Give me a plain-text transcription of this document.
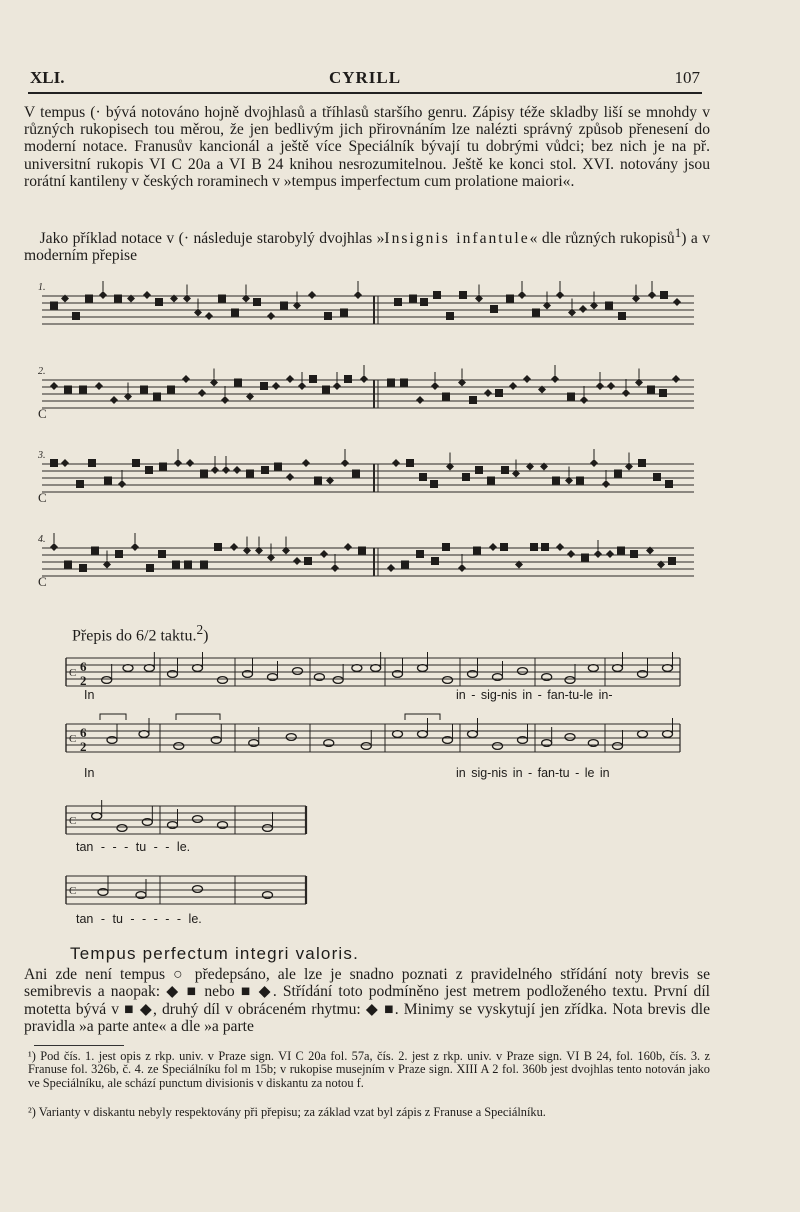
XLI.	CYRILL	107

V tempus (· bývá notováno hojně dvojhlasů a tříhlasů staršího genru. Zápisy téže skladby liší se mnohdy v různých rukopisech tou měrou, že jen bedlivým jich přirovnáním lze nalézti správný způsob přenesení do moderní notace. Franusův kancionál a ještě více Speciálník bývají tu dobrými vůdci; bez nich je na př. universitní rukopis VI C 20a a VI B 24 knihou nesrozumitelnou. Ještě ke konci stol. XVI. notovány jsou rorátní kantileny v českých roraminech v »tempus imperfectum cum prolatione maiori«.

 Jako příklad notace v (· následuje starobylý dvojhlas »Insignis infantule« dle různých rukopisů$^1$) a v moderním přepise

1.
2.
C
3.
C
4.
C
Přepis do 6/2 taktu.$^2$)
C 6
2
In	in - sig-nis in - fan-tu-le in-
C 6
2
In	in sig-nis in - fan-tu - le in
C
tan - - - tu - - le.
C
tan - tu - - - - - le.
Tempus perfectum integri valoris.

Ani zde není tempus ○ předepsáno, ale lze je snadno poznati z pravidelného střídání noty brevis se semibrevis a naopak: ◆ ■ nebo ■ ◆. Střídání toto podmíněno jest metrem podloženého textu. První díl motetta bývá v ■ ◆, druhý díl v obráceném rhytmu: ◆ ■. Minimy se vyskytují jen zřídka. Nota brevis dle pravidla »a parte ante« a dle »a parte

¹) Pod čís. 1. jest opis z rkp. univ. v Praze sign. VI C 20a fol. 57a, čís. 2. jest z rkp. univ. v Praze sign. VI B 24, fol. 160b, čís. 3. z Franuse fol. 326b, č. 4. ze Speciálníku fol m 15b; v rukopise musejním v Praze sign. XIII A 2 fol. 360b jest dvojhlas tento notován jako ve Speciálníku, ale schází punctum divisionis v diskantu za notou f.

²) Varianty v diskantu nebyly respektovány při přepisu; za základ vzat byl zápis z Franuse a Speciálníku.
